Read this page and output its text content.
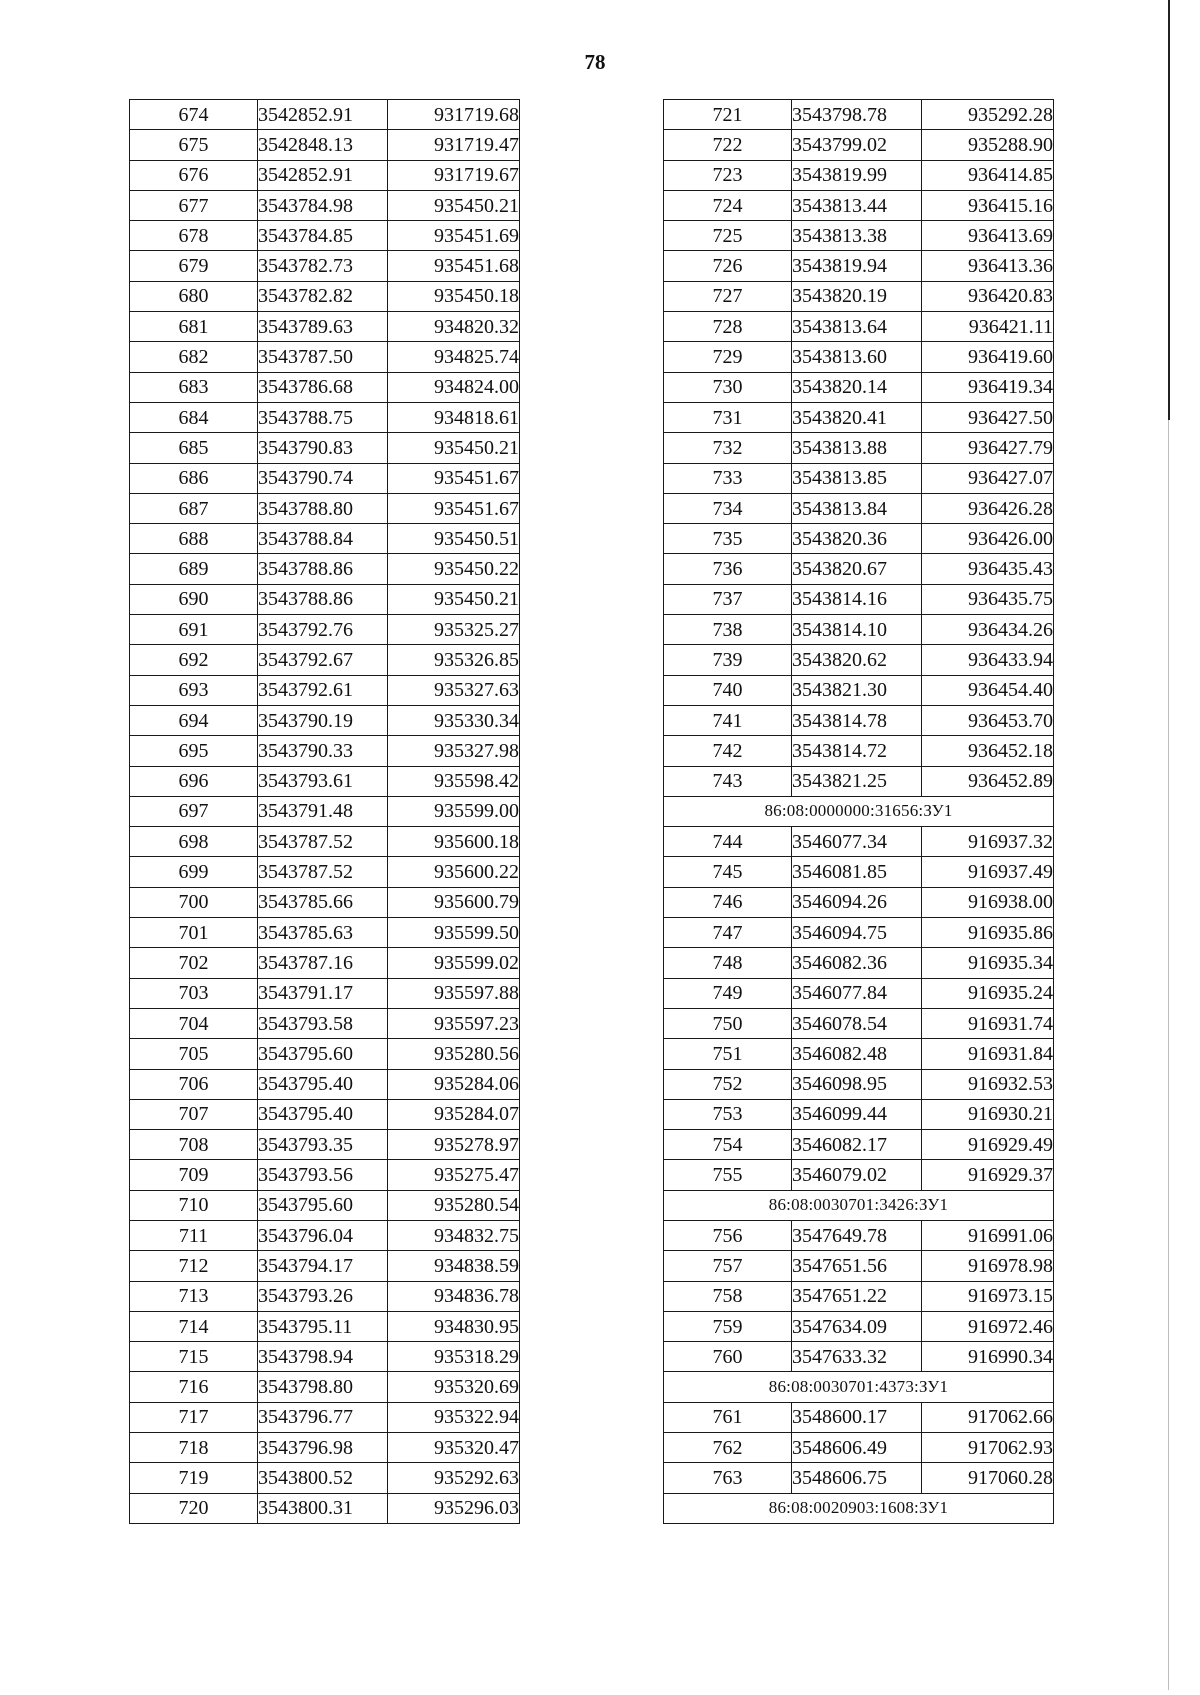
78
674	3542852.91	931719.68
675	3542848.13	931719.47
676	3542852.91	931719.67
677	3543784.98	935450.21
678	3543784.85	935451.69
679	3543782.73	935451.68
680	3543782.82	935450.18
681	3543789.63	934820.32
682	3543787.50	934825.74
683	3543786.68	934824.00
684	3543788.75	934818.61
685	3543790.83	935450.21
686	3543790.74	935451.67
687	3543788.80	935451.67
688	3543788.84	935450.51
689	3543788.86	935450.22
690	3543788.86	935450.21
691	3543792.76	935325.27
692	3543792.67	935326.85
693	3543792.61	935327.63
694	3543790.19	935330.34
695	3543790.33	935327.98
696	3543793.61	935598.42
697	3543791.48	935599.00
698	3543787.52	935600.18
699	3543787.52	935600.22
700	3543785.66	935600.79
701	3543785.63	935599.50
702	3543787.16	935599.02
703	3543791.17	935597.88
704	3543793.58	935597.23
705	3543795.60	935280.56
706	3543795.40	935284.06
707	3543795.40	935284.07
708	3543793.35	935278.97
709	3543793.56	935275.47
710	3543795.60	935280.54
711	3543796.04	934832.75
712	3543794.17	934838.59
713	3543793.26	934836.78
714	3543795.11	934830.95
715	3543798.94	935318.29
716	3543798.80	935320.69
717	3543796.77	935322.94
718	3543796.98	935320.47
719	3543800.52	935292.63
720	3543800.31	935296.03
721	3543798.78	935292.28
722	3543799.02	935288.90
723	3543819.99	936414.85
724	3543813.44	936415.16
725	3543813.38	936413.69
726	3543819.94	936413.36
727	3543820.19	936420.83
728	3543813.64	936421.11
729	3543813.60	936419.60
730	3543820.14	936419.34
731	3543820.41	936427.50
732	3543813.88	936427.79
733	3543813.85	936427.07
734	3543813.84	936426.28
735	3543820.36	936426.00
736	3543820.67	936435.43
737	3543814.16	936435.75
738	3543814.10	936434.26
739	3543820.62	936433.94
740	3543821.30	936454.40
741	3543814.78	936453.70
742	3543814.72	936452.18
743	3543821.25	936452.89
86:08:0000000:31656:ЗУ1		
744	3546077.34	916937.32
745	3546081.85	916937.49
746	3546094.26	916938.00
747	3546094.75	916935.86
748	3546082.36	916935.34
749	3546077.84	916935.24
750	3546078.54	916931.74
751	3546082.48	916931.84
752	3546098.95	916932.53
753	3546099.44	916930.21
754	3546082.17	916929.49
755	3546079.02	916929.37
86:08:0030701:3426:ЗУ1		
756	3547649.78	916991.06
757	3547651.56	916978.98
758	3547651.22	916973.15
759	3547634.09	916972.46
760	3547633.32	916990.34
86:08:0030701:4373:ЗУ1		
761	3548600.17	917062.66
762	3548606.49	917062.93
763	3548606.75	917060.28
86:08:0020903:1608:ЗУ1		
